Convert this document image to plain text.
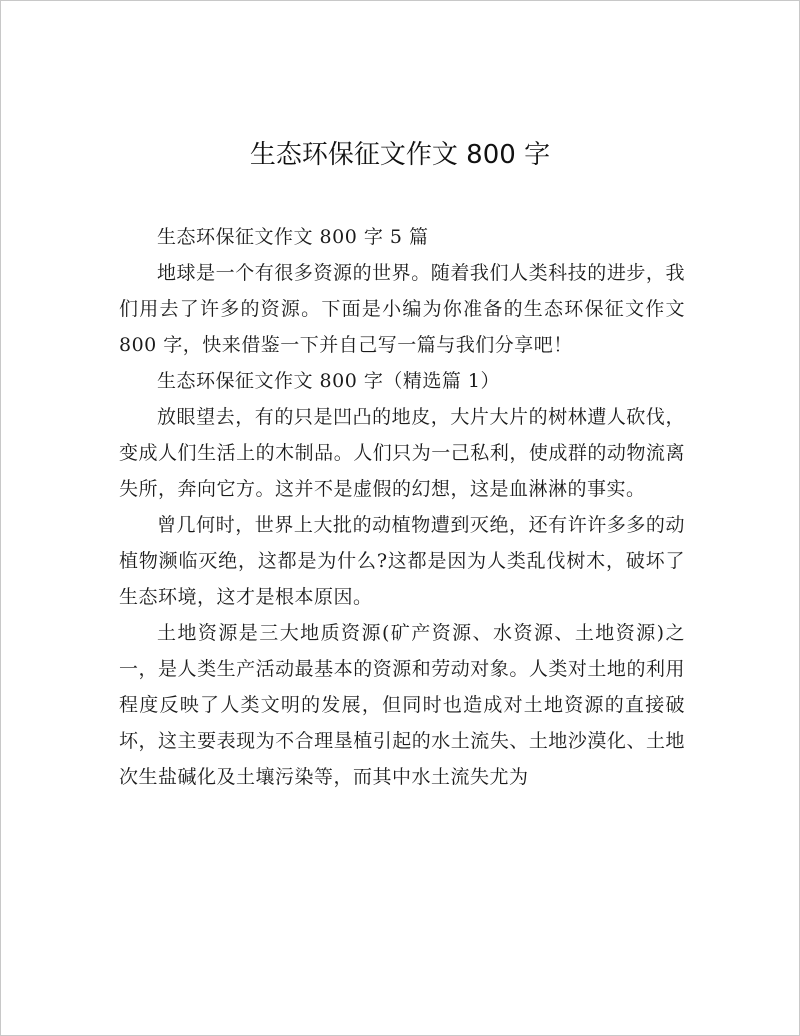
生态环保征文作文 800 字

生态环保征文作文 800 字 5 篇

地球是一个有很多资源的世界。随着我们人类科技的进步，我们用去了许多的资源。下面是小编为你准备的生态环保征文作文 800 字，快来借鉴一下并自己写一篇与我们分享吧！

生态环保征文作文 800 字（精选篇 1）

放眼望去，有的只是凹凸的地皮，大片大片的树林遭人砍伐，变成人们生活上的木制品。人们只为一己私利，使成群的动物流离失所，奔向它方。这并不是虚假的幻想，这是血淋淋的事实。

曾几何时，世界上大批的动植物遭到灭绝，还有许许多多的动植物濒临灭绝，这都是为什么?这都是因为人类乱伐树木，破坏了生态环境，这才是根本原因。

土地资源是三大地质资源(矿产资源、水资源、土地资源)之一，是人类生产活动最基本的资源和劳动对象。人类对土地的利用程度反映了人类文明的发展，但同时也造成对土地资源的直接破坏，这主要表现为不合理垦植引起的水土流失、土地沙漠化、土地次生盐碱化及土壤污染等，而其中水土流失尤为
